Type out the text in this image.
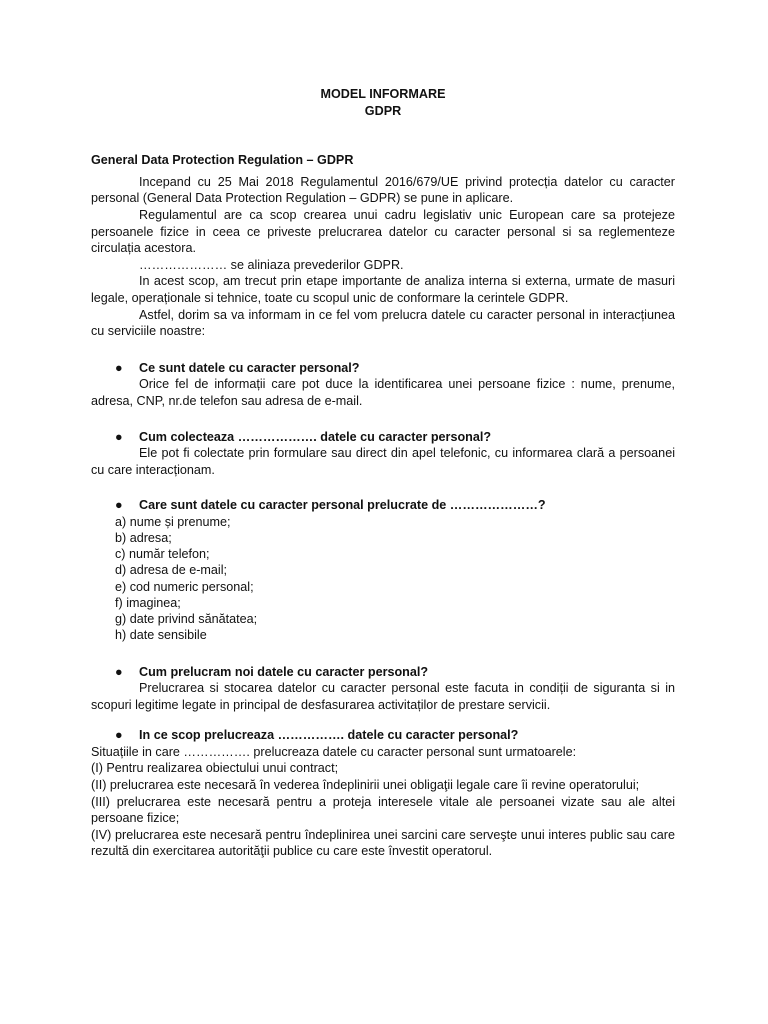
MODEL INFORMARE
GDPR
General Data Protection Regulation – GDPR
Incepand cu 25 Mai 2018 Regulamentul 2016/679/UE privind protecția datelor cu caracter personal (General Data Protection Regulation – GDPR) se pune in aplicare.
Regulamentul are ca scop crearea unui cadru legislativ unic European care sa protejeze persoanele fizice in ceea ce priveste prelucrarea datelor cu caracter personal si sa reglementeze circulația acestora.
………………… se aliniaza prevederilor GDPR.
In acest scop, am trecut prin etape importante de analiza interna si externa, urmate de masuri legale, operaționale si tehnice, toate cu scopul unic de conformare la cerintele GDPR.
Astfel, dorim sa va informam in ce fel vom prelucra datele cu caracter personal in interacțiunea cu serviciile noastre:
●	Ce sunt datele cu caracter personal?
Orice fel de informații care pot duce la identificarea unei persoane fizice : nume, prenume, adresa, CNP, nr.de telefon sau adresa de e-mail.
●	Cum colecteaza ………………. datele cu caracter personal?
Ele pot fi colectate prin formulare sau direct din apel telefonic, cu informarea clară a persoanei cu care interacționam.
●	Care sunt datele cu caracter personal prelucrate de …………………?
a) nume și prenume;
b) adresa;
c) număr telefon;
d) adresa de e-mail;
e) cod numeric personal;
f) imaginea;
g) date privind sănătatea;
h) date sensibile
●	Cum prelucram noi datele cu caracter personal?
Prelucrarea si stocarea datelor cu caracter personal este facuta in condiții de siguranta si in scopuri legitime legate in principal de desfasurarea activitaților de prestare servicii.
●	In ce scop prelucreaza ……………. datele cu caracter personal?
Situațiile in care ……………. prelucreaza datele cu caracter personal sunt urmatoarele:
(I) Pentru realizarea obiectului unui contract;
(II) prelucrarea este necesară în vederea îndeplinirii unei obligaţii legale care îi revine operatorului;
(III) prelucrarea este necesară pentru a proteja interesele vitale ale persoanei vizate sau ale altei persoane fizice;
(IV) prelucrarea este necesară pentru îndeplinirea unei sarcini care serveşte unui interes public sau care rezultă din exercitarea autorităţii publice cu care este învestit operatorul.
